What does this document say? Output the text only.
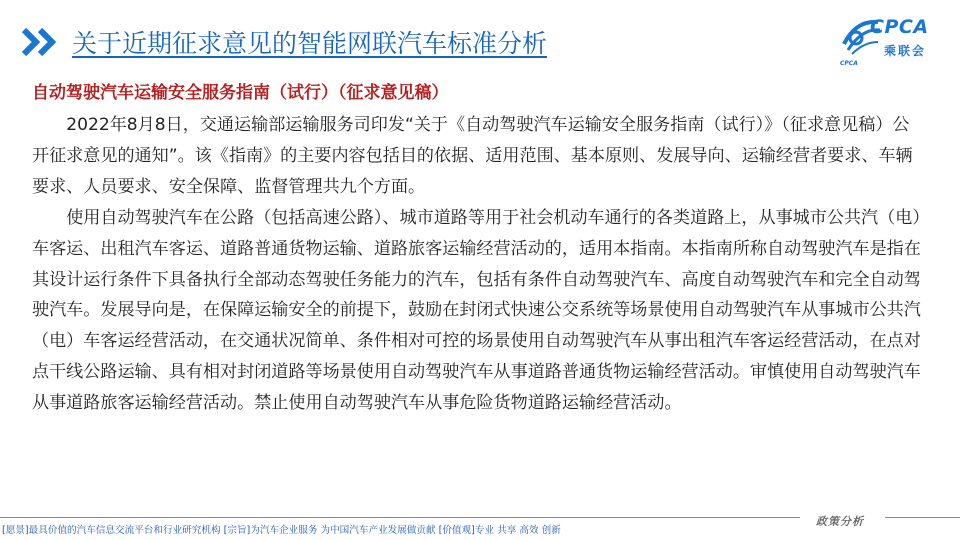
关于近期征求意见的智能网联汽车标准分析
CPCA
乘联会
CPCA
自动驾驶汽车运输安全服务指南（试行）（征求意见稿）

2022年8月8日，交通运输部运输服务司印发“关于《自动驾驶汽车运输安全服务指南（试行）》（征求意见稿）公开征求意见的通知”。该《指南》的主要内容包括目的依据、适用范围、基本原则、发展导向、运输经营者要求、车辆要求、人员要求、安全保障、监督管理共九个方面。

使用自动驾驶汽车在公路（包括高速公路）、城市道路等用于社会机动车通行的各类道路上，从事城市公共汽（电）车客运、出租汽车客运、道路普通货物运输、道路旅客运输经营活动的，适用本指南。本指南所称自动驾驶汽车是指在其设计运行条件下具备执行全部动态驾驶任务能力的汽车，包括有条件自动驾驶汽车、高度自动驾驶汽车和完全自动驾驶汽车。发展导向是，在保障运输安全的前提下，鼓励在封闭式快速公交系统等场景使用自动驾驶汽车从事城市公共汽（电）车客运经营活动，在交通状况简单、条件相对可控的场景使用自动驾驶汽车从事出租汽车客运经营活动，在点对点干线公路运输、具有相对封闭道路等场景使用自动驾驶汽车从事道路普通货物运输经营活动。审慎使用自动驾驶汽车从事道路旅客运输经营活动。禁止使用自动驾驶汽车从事危险货物道路运输经营活动。

[愿景]最具价值的汽车信息交流平台和行业研究机构 [宗旨]为汽车企业服务 为中国汽车产业发展做贡献 [价值观]专业 共享 高效 创新
政策分析
